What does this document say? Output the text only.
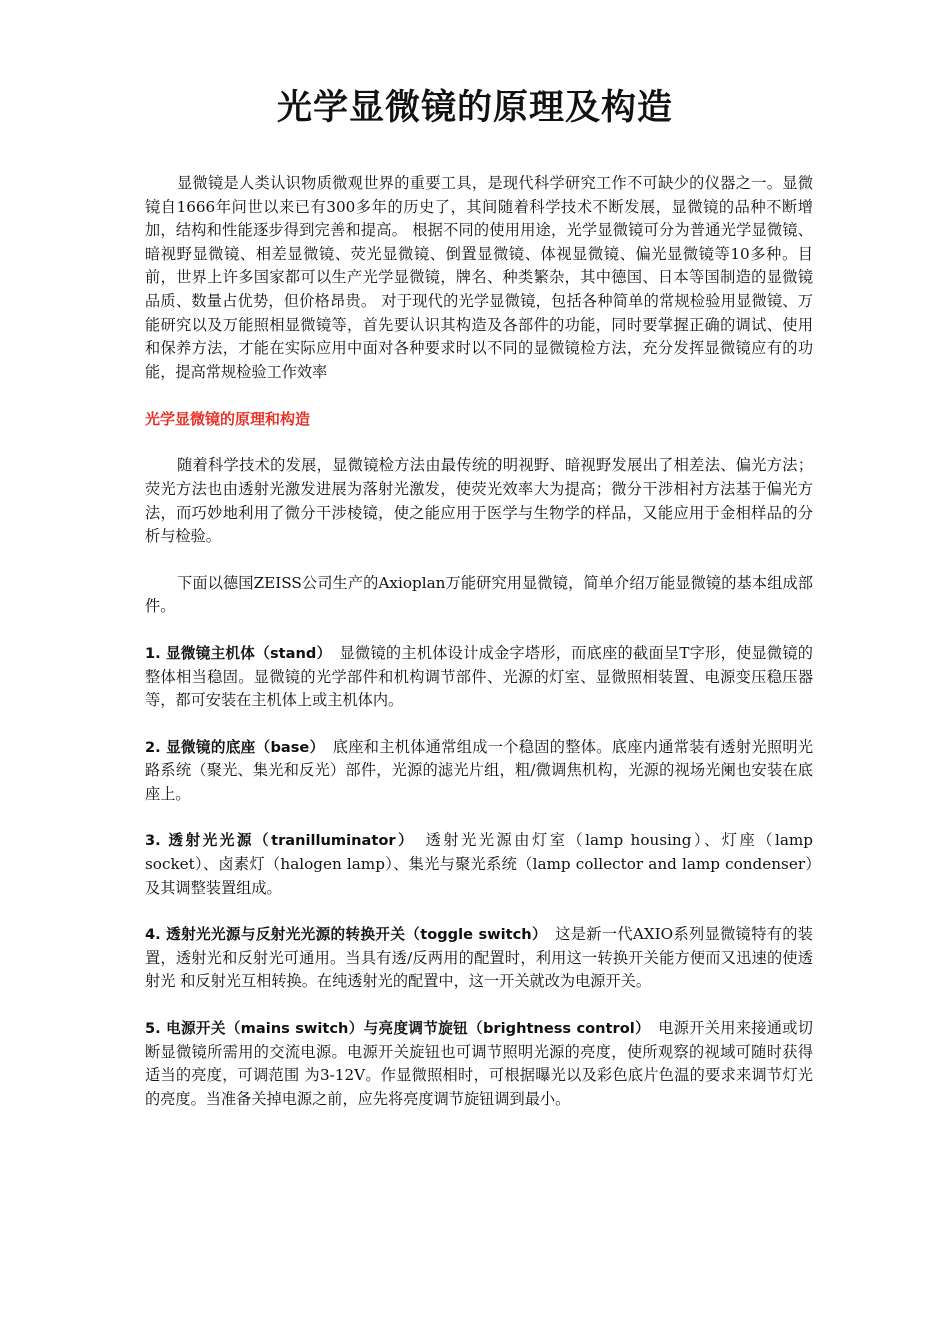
光学显微镜的原理及构造

显微镜是人类认识物质微观世界的重要工具，是现代科学研究工作不可缺少的仪器之一。显微镜自1666年问世以来已有300多年的历史了，其间随着科学技术不断发展，显微镜的品种不断增加，结构和性能逐步得到完善和提高。 根据不同的使用用途，光学显微镜可分为普通光学显微镜、暗视野显微镜、相差显微镜、荧光显微镜、倒置显微镜、体视显微镜、偏光显微镜等10多种。目前，世界上许多国家都可以生产光学显微镜，牌名、种类繁杂，其中德国、日本等国制造的显微镜品质、数量占优势，但价格昂贵。 对于现代的光学显微镜，包括各种简单的常规检验用显微镜、万能研究以及万能照相显微镜等，首先要认识其构造及各部件的功能，同时要掌握正确的调试、使用和保养方法，才能在实际应用中面对各种要求时以不同的显微镜检方法，充分发挥显微镜应有的功能，提高常规检验工作效率

光学显微镜的原理和构造

随着科学技术的发展，显微镜检方法由最传统的明视野、暗视野发展出了相差法、偏光方法；荧光方法也由透射光激发进展为落射光激发，使荧光效率大为提高；微分干涉相衬方法基于偏光方法，而巧妙地利用了微分干涉棱镜，使之能应用于医学与生物学的样品，又能应用于金相样品的分析与检验。

下面以德国ZEISS公司生产的Axioplan万能研究用显微镜，简单介绍万能显微镜的基本组成部件。

1. 显微镜主机体（stand）　显微镜的主机体设计成金字塔形，而底座的截面呈T字形，使显微镜的整体相当稳固。显微镜的光学部件和机构调节部件、光源的灯室、显微照相装置、电源变压稳压器等，都可安装在主机体上或主机体内。

2. 显微镜的底座（base）　底座和主机体通常组成一个稳固的整体。底座内通常装有透射光照明光路系统（聚光、集光和反光）部件，光源的滤光片组，粗/微调焦机构，光源的视场光阑也安装在底座上。

3. 透射光光源（tranilluminator）　透射光光源由灯室（lamp housing）、灯座（lamp socket）、卤素灯（halogen lamp）、集光与聚光系统（lamp collector and lamp condenser）及其调整装置组成。

4. 透射光光源与反射光光源的转换开关（toggle switch）　这是新一代AXIO系列显微镜特有的装置，透射光和反射光可通用。当具有透/反两用的配置时，利用这一转换开关能方便而又迅速的使透射光 和反射光互相转换。在纯透射光的配置中，这一开关就改为电源开关。

5. 电源开关（mains switch）与亮度调节旋钮（brightness control）　电源开关用来接通或切断显微镜所需用的交流电源。电源开关旋钮也可调节照明光源的亮度，使所观察的视域可随时获得适当的亮度，可调范围 为3-12V。作显微照相时，可根据曝光以及彩色底片色温的要求来调节灯光的亮度。当准备关掉电源之前，应先将亮度调节旋钮调到最小。
